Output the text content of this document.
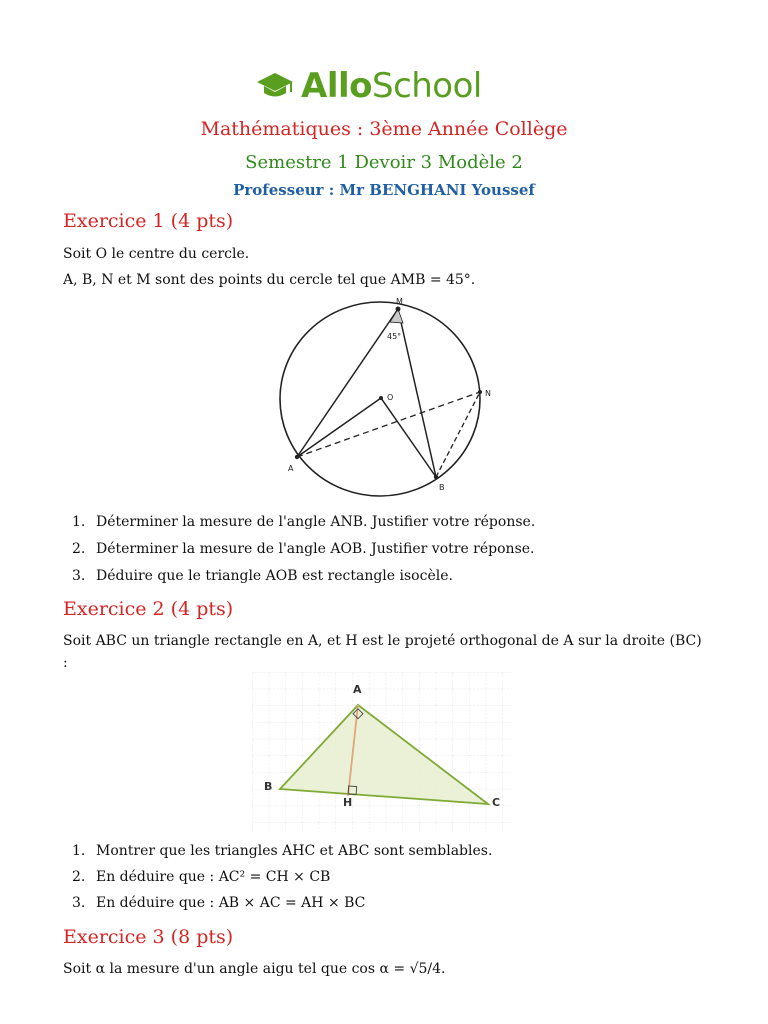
AlloSchool
Mathématiques : 3ème Année Collège
Semestre 1 Devoir 3 Modèle 2
Professeur : Mr BENGHANI Youssef
Exercice 1 (4 pts)
Soit O le centre du cercle.
A, B, N et M sont des points du cercle tel que AMB = 45°.
M
45°
O	N
A
B
1. Déterminer la mesure de l'angle ANB. Justifier votre réponse.
2. Déterminer la mesure de l'angle AOB. Justifier votre réponse.
3. Déduire que le triangle AOB est rectangle isocèle.
Exercice 2 (4 pts)
Soit ABC un triangle rectangle en A, et H est le projeté orthogonal de A sur la droite (BC)
:
A
B
H	C
1. Montrer que les triangles AHC et ABC sont semblables.
2. En déduire que : AC² = CH × CB
3. En déduire que : AB × AC = AH × BC
Exercice 3 (8 pts)
Soit α la mesure d'un angle aigu tel que cos α = √5/4.
